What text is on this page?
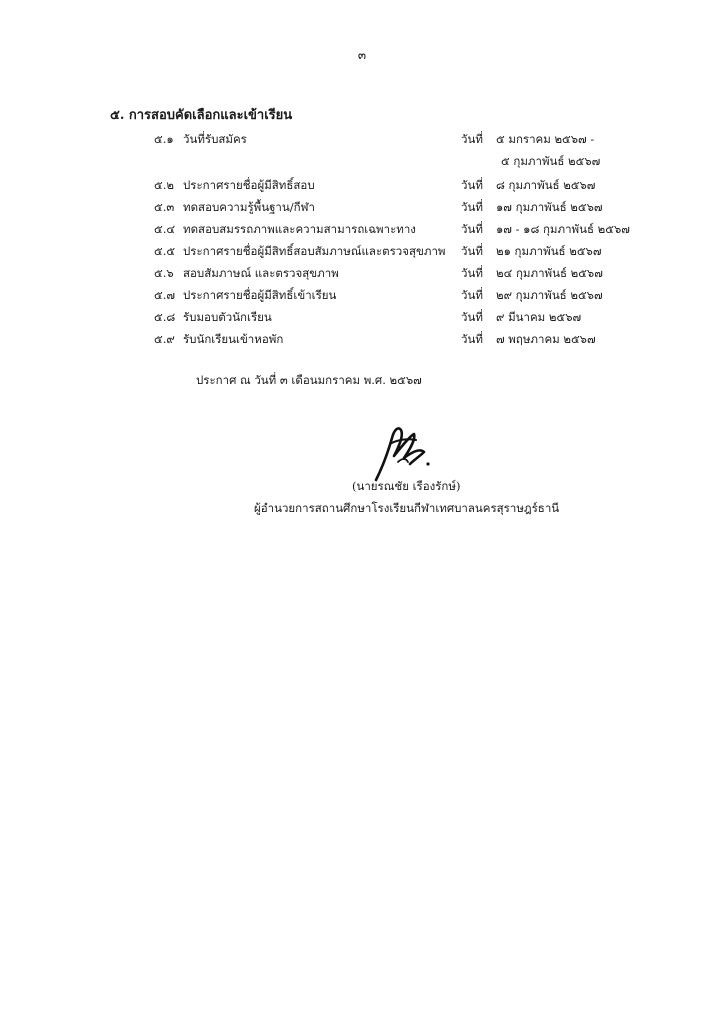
๓
๕. การสอบคัดเลือกและเข้าเรียน
๕.๑ วันที่รับสมัคร	วันที่ ๕ มกราคม ๒๕๖๗ -
๕ กุมภาพันธ์ ๒๕๖๗
๕.๒ ประกาศรายชื่อผู้มีสิทธิ์สอบ	วันที่ ๘ กุมภาพันธ์ ๒๕๖๗
๕.๓ ทดสอบความรู้พื้นฐาน/กีฬา	วันที่ ๑๗ กุมภาพันธ์ ๒๕๖๗
๕.๔ ทดสอบสมรรถภาพและความสามารถเฉพาะทาง	วันที่ ๑๗ - ๑๘ กุมภาพันธ์ ๒๕๖๗
๕.๕ ประกาศรายชื่อผู้มีสิทธิ์สอบสัมภาษณ์และตรวจสุขภาพ วันที่ ๒๑ กุมภาพันธ์ ๒๕๖๗
๕.๖ สอบสัมภาษณ์ และตรวจสุขภาพ	วันที่ ๒๔ กุมภาพันธ์ ๒๕๖๗
๕.๗ ประกาศรายชื่อผู้มีสิทธิ์เข้าเรียน	วันที่ ๒๙ กุมภาพันธ์ ๒๕๖๗
๕.๘ รับมอบตัวนักเรียน	วันที่ ๙ มีนาคม ๒๕๖๗
๕.๙ รับนักเรียนเข้าหอพัก	วันที่ ๗ พฤษภาคม ๒๕๖๗
ประกาศ ณ วันที่ ๓ เดือนมกราคม พ.ศ. ๒๕๖๗
(นายรณชัย เรืองรักษ์)
ผู้อำนวยการสถานศึกษาโรงเรียนกีฬาเทศบาลนครสุราษฎร์ธานี
